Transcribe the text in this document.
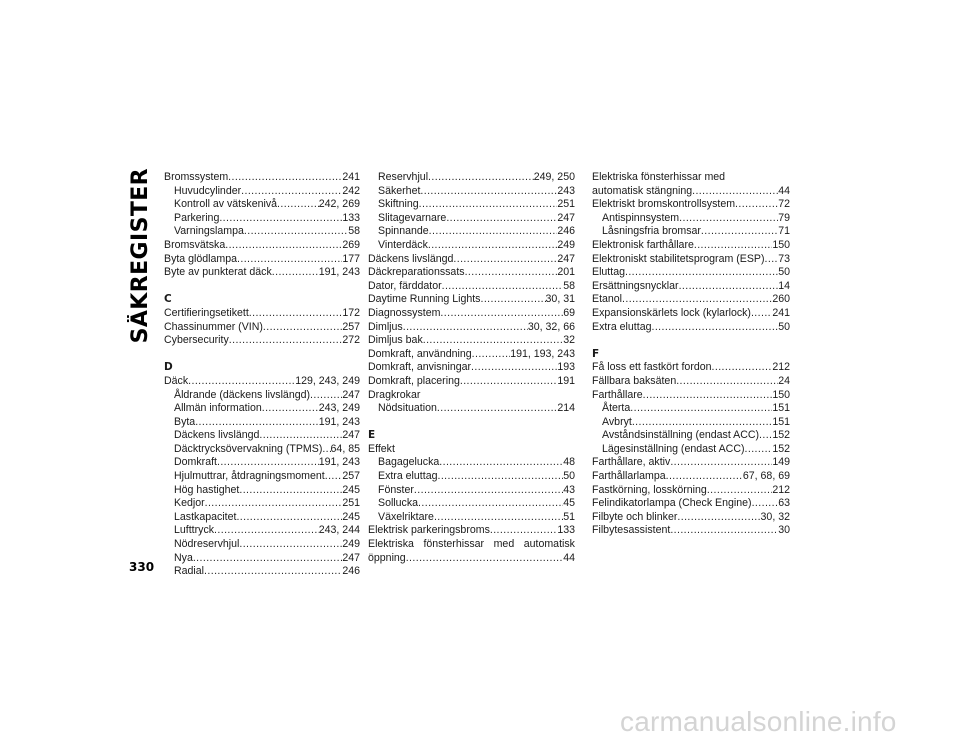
SÄKREGISTER
330
Bromssystem .....	241
Huvudcylinder .....	242
Kontroll av vätskenivå .....	242, 269
Parkering .....	133
Varningslampa .....	58
Bromsvätska .....	269
Byta glödlampa .....	177
Byte av punkterat däck .....	191, 243
C
Certifieringsetikett .....	172
Chassinummer (VIN) .....	257
Cybersecurity .....	272
D
Däck .....	129, 243, 249
Åldrande (däckens livslängd) .....	247
Allmän information .....	243, 249
Byta .....	191, 243
Däckens livslängd .....	247
Däcktrycksövervakning (TPMS) ..... 64, 85
Domkraft .....	191, 243
Hjulmuttrar, åtdragningsmoment ..... 257
Hög hastighet .....	245
Kedjor .....	251
Lastkapacitet .....	245
Lufttryck .....	243, 244
Nödreservhjul .....	249
Nya .....	247
Radial .....	246
Reservhjul .....	249, 250
Säkerhet .....	243
Skiftning .....	251
Slitagevarnare .....	247
Spinnande .....	246
Vinterdäck .....	249
Däckens livslängd .....	247
Däckreparationssats .....	201
Dator, färddator .....	58
Daytime Running Lights .....	30, 31
Diagnossystem .....	69
Dimljus .....	30, 32, 66
Dimljus bak .....	32
Domkraft, användning .....	191, 193, 243
Domkraft, anvisningar .....	193
Domkraft, placering .....	191
Dragkrokar
Nödsituation .....	214
E
Effekt
Bagagelucka .....	48
Extra eluttag .....	50
Fönster .....	43
Sollucka .....	45
Växelriktare .....	51
Elektrisk parkeringsbroms .....	133
Elektriska fönsterhissar med automatisk
öppning .....	44
Elektriska fönsterhissar med
automatisk stängning .....	44
Elektriskt bromskontrollsystem .....	72
Antispinnsystem .....	79
Låsningsfria bromsar .....	71
Elektronisk farthållare .....	150
Elektroniskt stabilitetsprogram (ESP) ..... 73
Eluttag .....	50
Ersättningsnycklar .....	14
Etanol .....	260
Expansionskärlets lock (kylarlock) ..... 241
Extra eluttag .....	50
F
Få loss ett fastkört fordon .....	212
Fällbara baksäten .....	24
Farthållare .....	150
Återta .....	151
Avbryt .....	151
Avståndsinställning (endast ACC) ..... 152
Lägesinställning (endast ACC) .....	152
Farthållare, aktiv .....	149
Farthållarlampa .....	67, 68, 69
Fastkörning, losskörning .....	212
Felindikatorlampa (Check Engine) .....	63
Filbyte och blinker .....	30, 32
Filbytesassistent .....	30
carmanualsonline.info
